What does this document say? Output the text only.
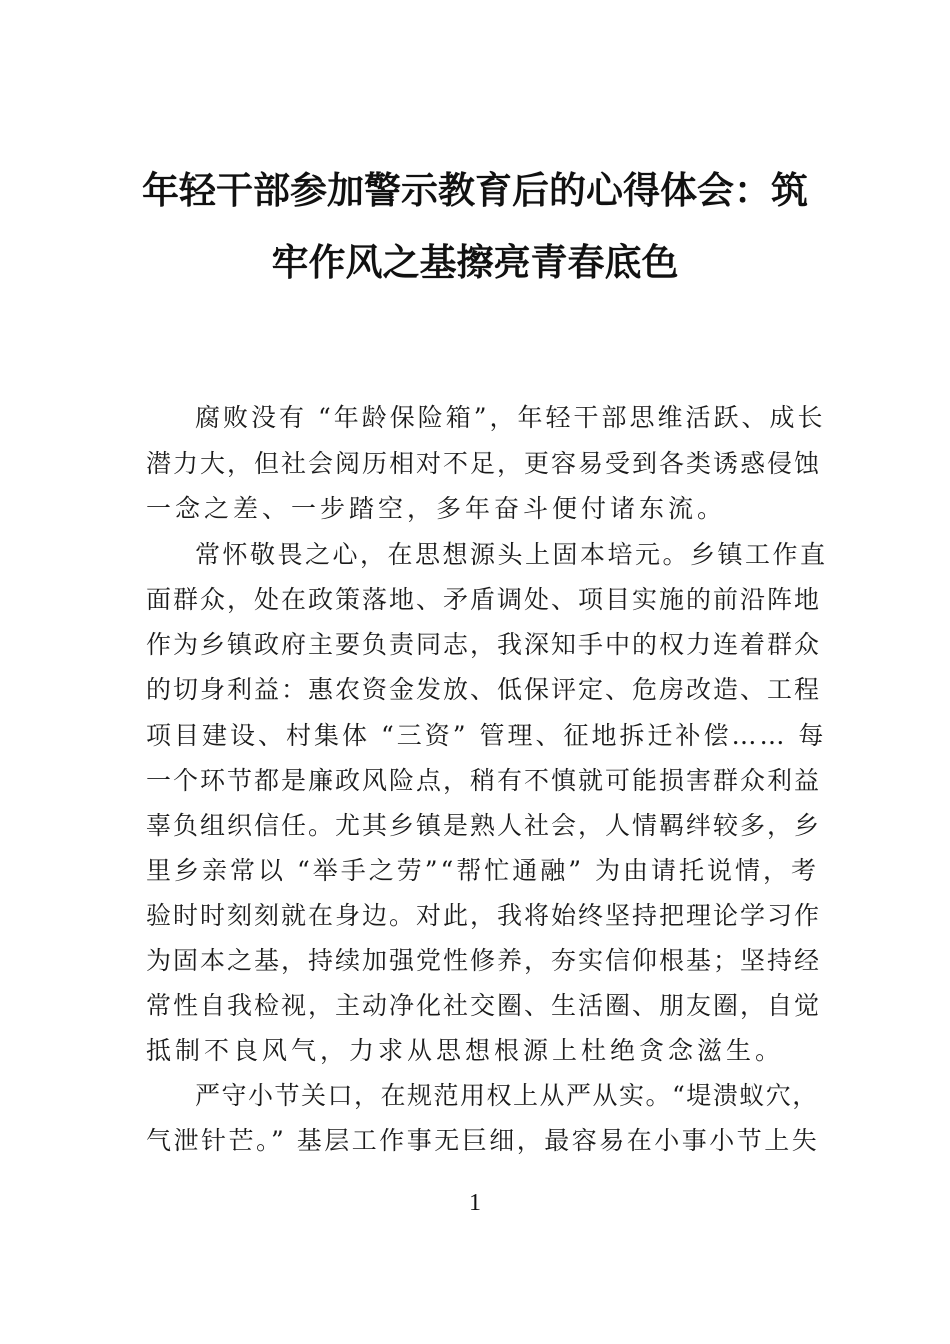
年轻干部参加警示教育后的心得体会：筑
牢作风之基擦亮青春底色
腐败没有 “年龄保险箱”，年轻干部思维活跃、成长
潜力大，但社会阅历相对不足，更容易受到各类诱惑侵蚀
一念之差、一步踏空，多年奋斗便付诸东流。
常怀敬畏之心，在思想源头上固本培元。乡镇工作直
面群众，处在政策落地、矛盾调处、项目实施的前沿阵地
作为乡镇政府主要负责同志，我深知手中的权力连着群众
的切身利益：惠农资金发放、低保评定、危房改造、工程
项目建设、村集体 “三资” 管理、征地拆迁补偿…… 每
一个环节都是廉政风险点，稍有不慎就可能损害群众利益
辜负组织信任。尤其乡镇是熟人社会，人情羁绊较多，乡
里乡亲常以 “举手之劳”“帮忙通融” 为由请托说情，考
验时时刻刻就在身边。对此，我将始终坚持把理论学习作
为固本之基，持续加强党性修养，夯实信仰根基；坚持经
常性自我检视，主动净化社交圈、生活圈、朋友圈，自觉
抵制不良风气，力求从思想根源上杜绝贪念滋生。
严守小节关口，在规范用权上从严从实。“堤溃蚁穴，
气泄针芒。” 基层工作事无巨细，最容易在小事小节上失
1
